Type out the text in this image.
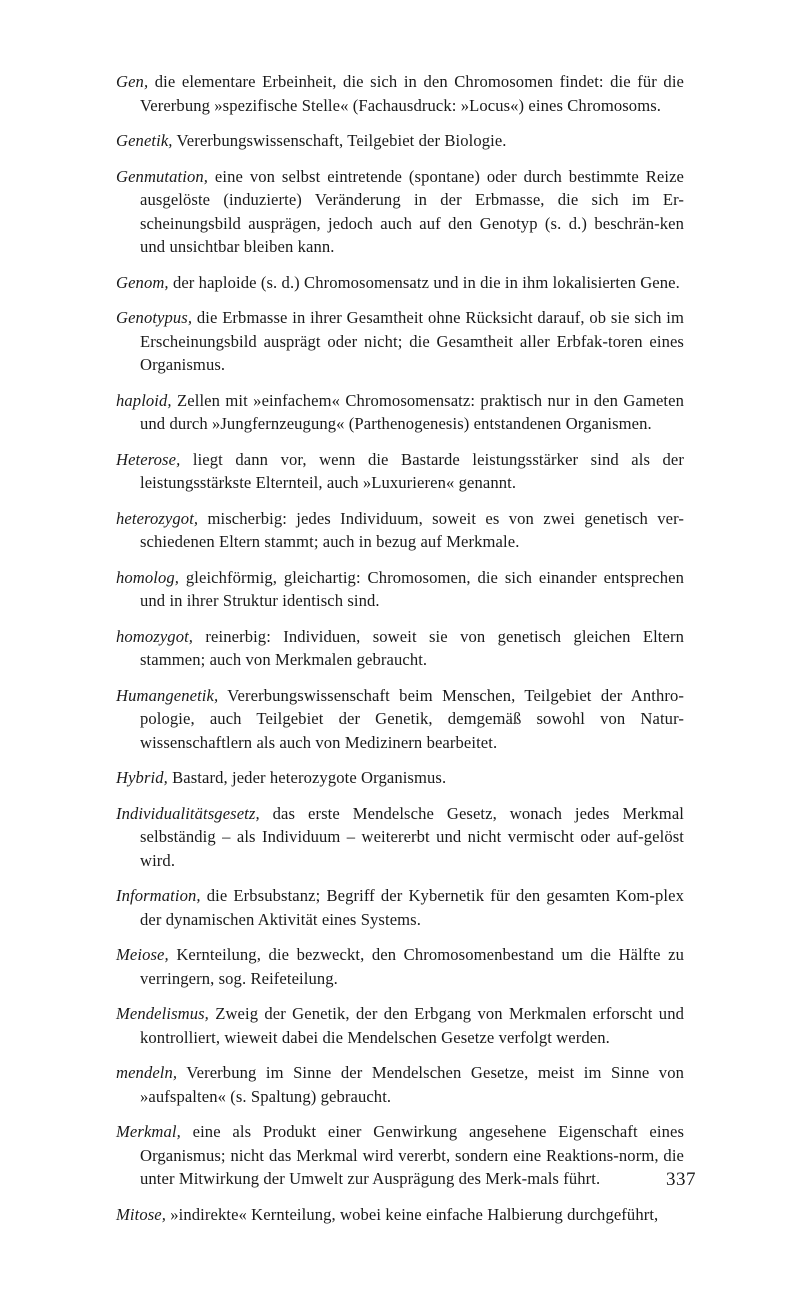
Gen, die elementare Erbeinheit, die sich in den Chromosomen findet: die für die Vererbung »spezifische Stelle« (Fachausdruck: »Locus«) eines Chromosoms.

Genetik, Vererbungswissenschaft, Teilgebiet der Biologie.

Genmutation, eine von selbst eintretende (spontane) oder durch bestimmte Reize ausgelöste (induzierte) Veränderung in der Erbmasse, die sich im Er-scheinungsbild ausprägen, jedoch auch auf den Genotyp (s. d.) beschrän-ken und unsichtbar bleiben kann.

Genom, der haploide (s. d.) Chromosomensatz und in die in ihm lokalisierten Gene.

Genotypus, die Erbmasse in ihrer Gesamtheit ohne Rücksicht darauf, ob sie sich im Erscheinungsbild ausprägt oder nicht; die Gesamtheit aller Erbfak-toren eines Organismus.

haploid, Zellen mit »einfachem« Chromosomensatz: praktisch nur in den Gameten und durch »Jungfernzeugung« (Parthenogenesis) entstandenen Organismen.

Heterose, liegt dann vor, wenn die Bastarde leistungsstärker sind als der leistungsstärkste Elternteil, auch »Luxurieren« genannt.

heterozygot, mischerbig: jedes Individuum, soweit es von zwei genetisch ver-schiedenen Eltern stammt; auch in bezug auf Merkmale.

homolog, gleichförmig, gleichartig: Chromosomen, die sich einander entsprechen und in ihrer Struktur identisch sind.

homozygot, reinerbig: Individuen, soweit sie von genetisch gleichen Eltern stammen; auch von Merkmalen gebraucht.

Humangenetik, Vererbungswissenschaft beim Menschen, Teilgebiet der Anthro-pologie, auch Teilgebiet der Genetik, demgemäß sowohl von Natur-wissenschaftlern als auch von Medizinern bearbeitet.

Hybrid, Bastard, jeder heterozygote Organismus.

Individualitätsgesetz, das erste Mendelsche Gesetz, wonach jedes Merkmal selbständig – als Individuum – weitererbt und nicht vermischt oder auf-gelöst wird.

Information, die Erbsubstanz; Begriff der Kybernetik für den gesamten Kom-plex der dynamischen Aktivität eines Systems.

Meiose, Kernteilung, die bezweckt, den Chromosomenbestand um die Hälfte zu verringern, sog. Reifeteilung.

Mendelismus, Zweig der Genetik, der den Erbgang von Merkmalen erforscht und kontrolliert, wieweit dabei die Mendelschen Gesetze verfolgt werden.

mendeln, Vererbung im Sinne der Mendelschen Gesetze, meist im Sinne von »aufspalten« (s. Spaltung) gebraucht.

Merkmal, eine als Produkt einer Genwirkung angesehene Eigenschaft eines Organismus; nicht das Merkmal wird vererbt, sondern eine Reaktions-norm, die unter Mitwirkung der Umwelt zur Ausprägung des Merk-mals führt.

Mitose, »indirekte« Kernteilung, wobei keine einfache Halbierung durchgeführt,

337
